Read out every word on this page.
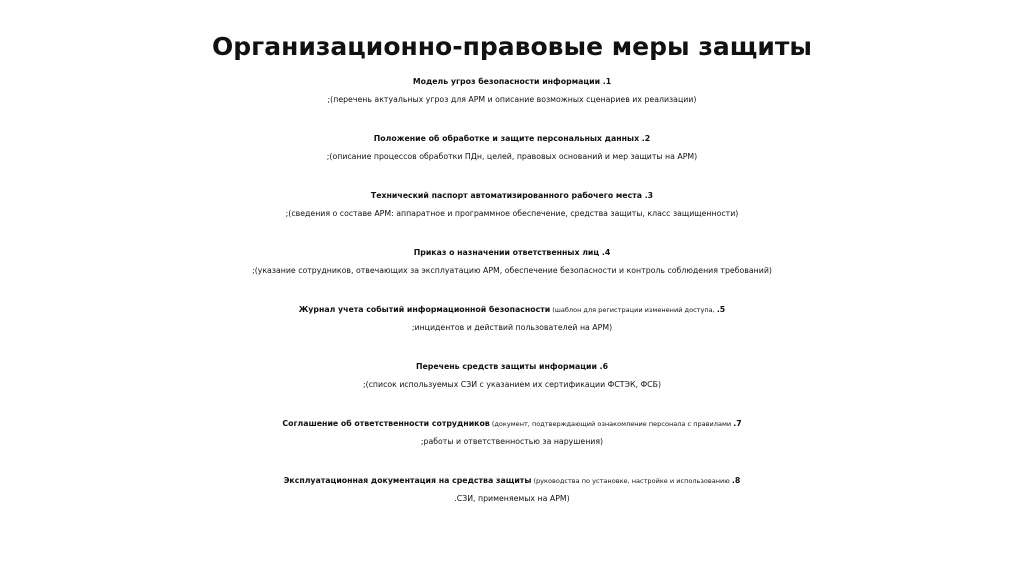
Организационно-правовые меры защиты
Модель угроз безопасности информации .1
;(перечень актуальных угроз для АРМ и описание возможных сценариев их реализации)
Положение об обработке и защите персональных данных .2
;(описание процессов обработки ПДн, целей, правовых оснований и мер защиты на АРМ)
Технический паспорт автоматизированного рабочего места .3
;(сведения о составе АРМ: аппаратное и программное обеспечение, средства защиты, класс защищенности)
Приказ о назначении ответственных лиц .4
;(указание сотрудников, отвечающих за эксплуатацию АРМ, обеспечение безопасности и контроль соблюдения требований)
Журнал учета событий информационной безопасности (шаблон для регистрации изменений доступа, .5
;инцидентов и действий пользователей на АРМ)
Перечень средств защиты информации .6
;(список используемых СЗИ с указанием их сертификации ФСТЭК, ФСБ)
Соглашение об ответственности сотрудников (документ, подтверждающий ознакомление персонала с правилами .7
;работы и ответственностью за нарушения)
Эксплуатационная документация на средства защиты (руководства по установке, настройке и использованию .8
.СЗИ, применяемых на АРМ)
